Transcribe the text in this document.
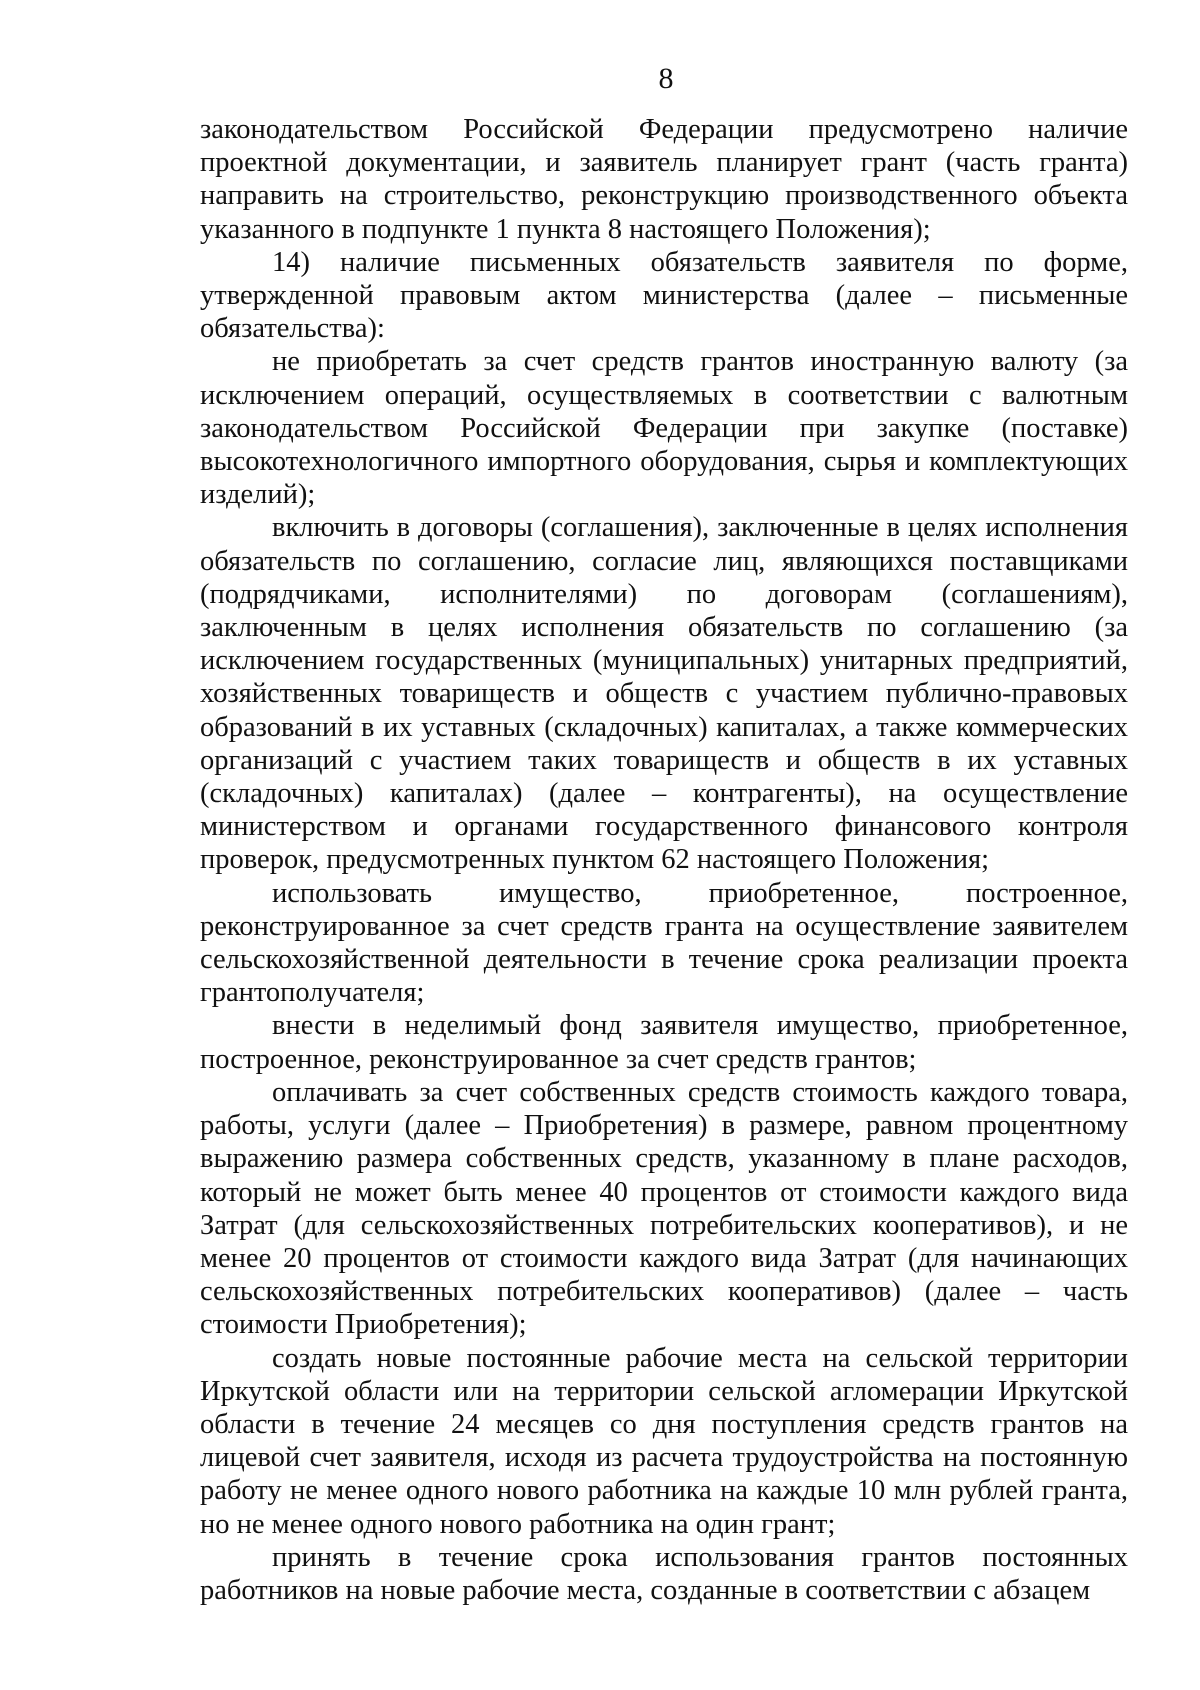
8

законодательством Российской Федерации предусмотрено наличие проектной документации, и заявитель планирует грант (часть гранта) направить на строительство, реконструкцию производственного объекта указанного в подпункте 1 пункта 8 настоящего Положения);

14) наличие письменных обязательств заявителя по форме, утвержденной правовым актом министерства (далее – письменные обязательства):

не приобретать за счет средств грантов иностранную валюту (за исключением операций, осуществляемых в соответствии с валютным законодательством Российской Федерации при закупке (поставке) высокотехнологичного импортного оборудования, сырья и комплектующих изделий);

включить в договоры (соглашения), заключенные в целях исполнения обязательств по соглашению, согласие лиц, являющихся поставщиками (подрядчиками, исполнителями) по договорам (соглашениям), заключенным в целях исполнения обязательств по соглашению (за исключением государственных (муниципальных) унитарных предприятий, хозяйственных товариществ и обществ с участием публично-правовых образований в их уставных (складочных) капиталах, а также коммерческих организаций с участием таких товариществ и обществ в их уставных (складочных) капиталах) (далее – контрагенты), на осуществление министерством и органами государственного финансового контроля проверок, предусмотренных пунктом 62 настоящего Положения;

использовать имущество, приобретенное, построенное, реконструированное за счет средств гранта на осуществление заявителем сельскохозяйственной деятельности в течение срока реализации проекта грантополучателя;

внести в неделимый фонд заявителя имущество, приобретенное, построенное, реконструированное за счет средств грантов;

оплачивать за счет собственных средств стоимость каждого товара, работы, услуги (далее – Приобретения) в размере, равном процентному выражению размера собственных средств, указанному в плане расходов, который не может быть менее 40 процентов от стоимости каждого вида Затрат (для сельскохозяйственных потребительских кооперативов), и не менее 20 процентов от стоимости каждого вида Затрат (для начинающих сельскохозяйственных потребительских кооперативов) (далее – часть стоимости Приобретения);

создать новые постоянные рабочие места на сельской территории Иркутской области или на территории сельской агломерации Иркутской области в течение 24 месяцев со дня поступления средств грантов на лицевой счет заявителя, исходя из расчета трудоустройства на постоянную работу не менее одного нового работника на каждые 10 млн рублей гранта, но не менее одного нового работника на один грант;

принять в течение срока использования грантов постоянных работников на новые рабочие места, созданные в соответствии с абзацем
